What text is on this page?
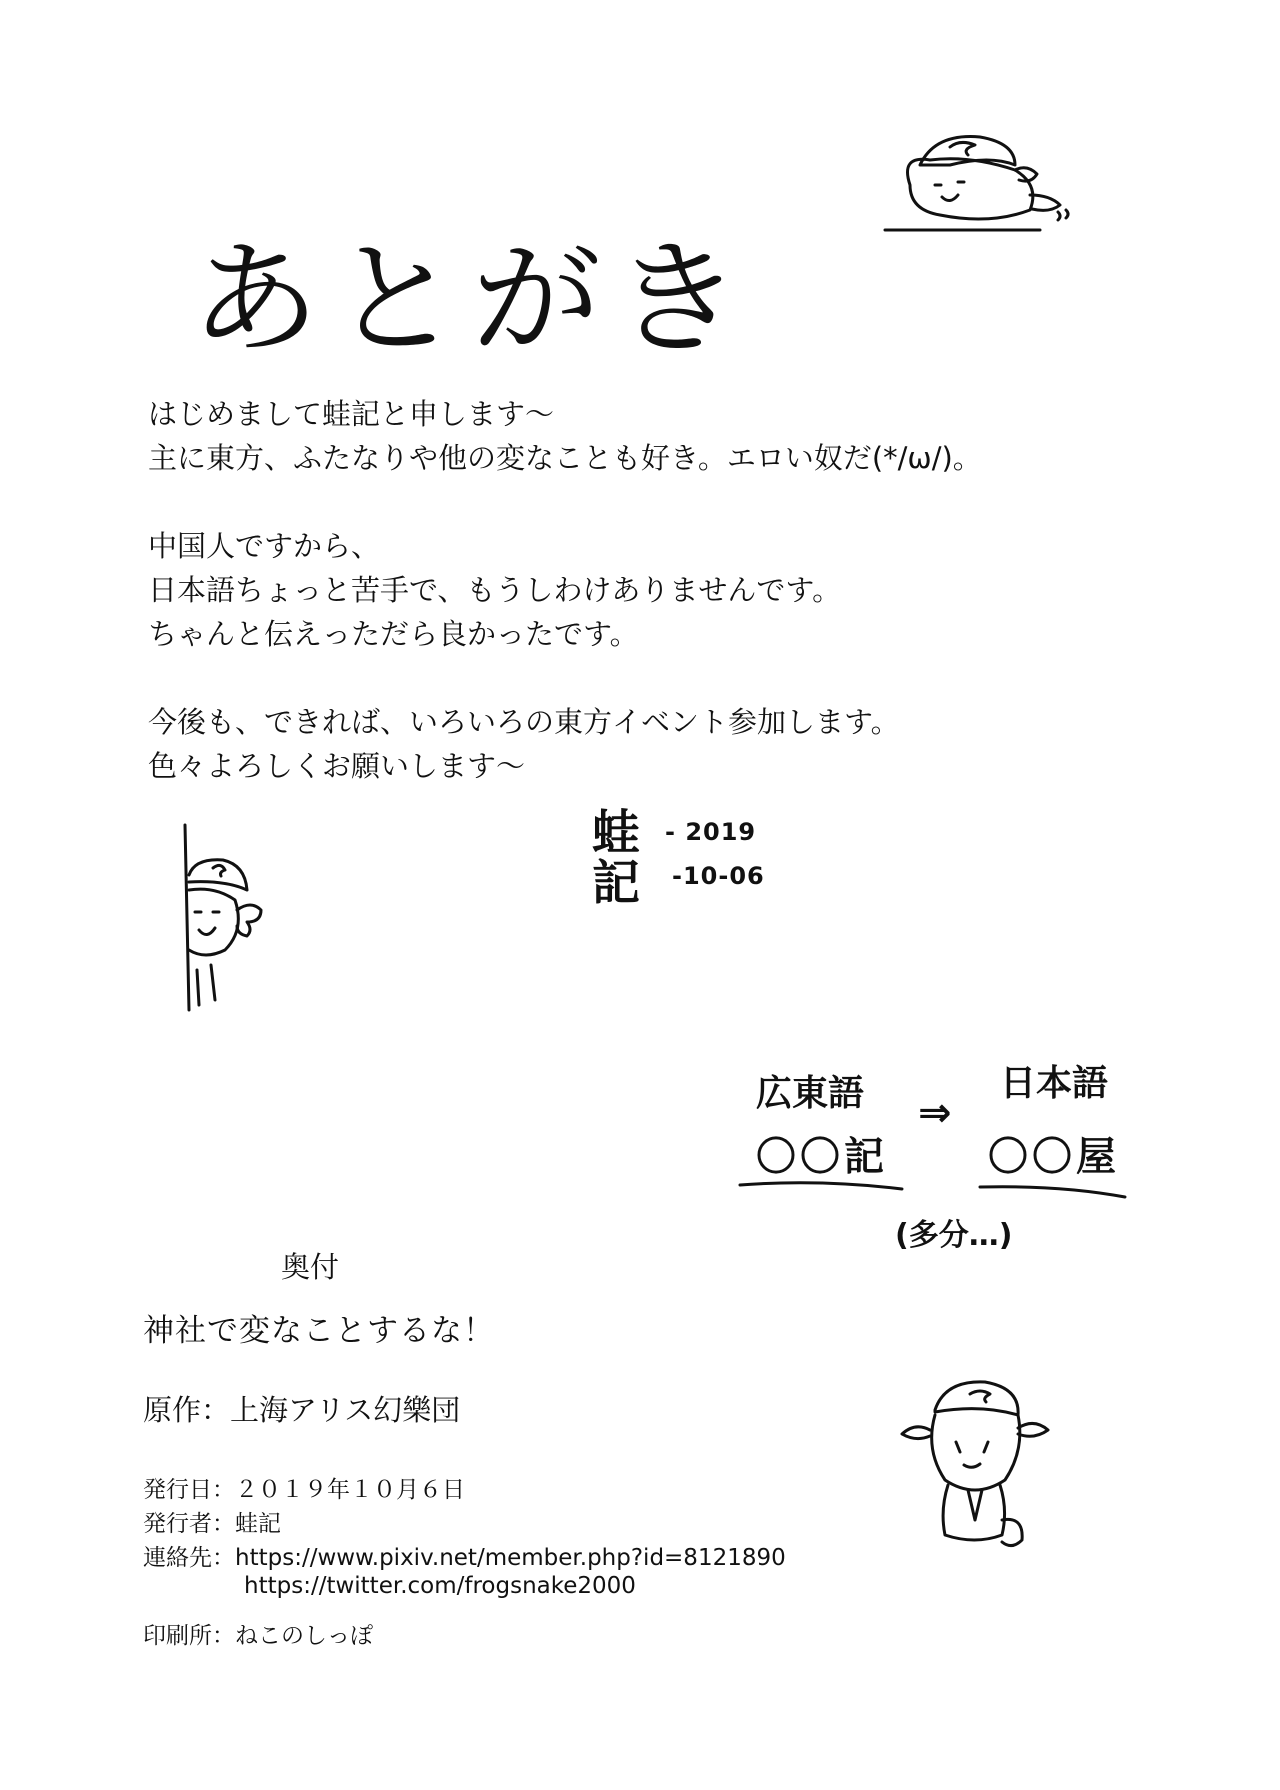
あとがき
はじめまして蛙記と申します～
主に東方、ふたなりや他の変なことも好き。エロい奴だ(*/ω/)。
中国人ですから、
日本語ちょっと苦手で、もうしわけありませんです。
ちゃんと伝えっただら良かったです。
今後も、できれば、いろいろの東方イベント参加します。
色々よろしくお願いします～
蛙
記
- 2019
-10-06
広東語
〇〇記
⇒
日本語
〇〇屋
(多分…)
奥付
神社で変なことするな！
原作：上海アリス幻樂団
発行日：２０１９年１０月６日
発行者：蛙記
連絡先：https://www.pixiv.net/member.php?id=8121890
https://twitter.com/frogsnake2000
印刷所：ねこのしっぽ
